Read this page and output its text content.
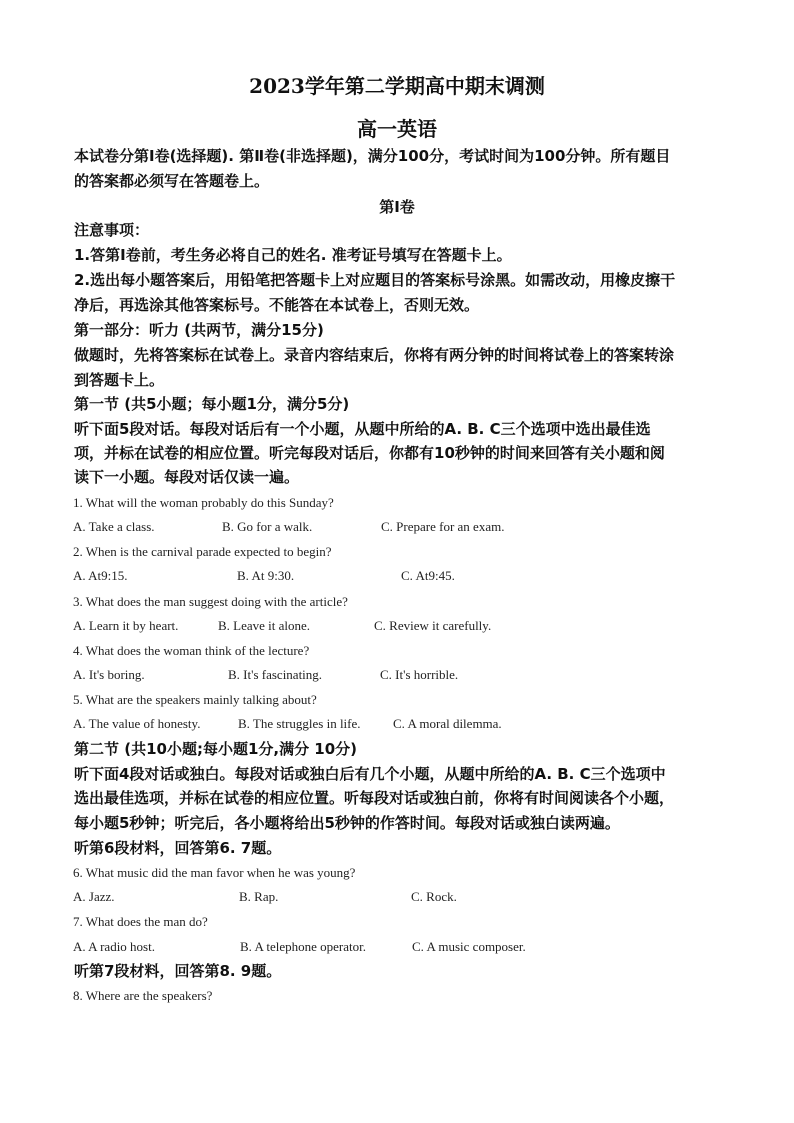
2023学年第二学期高中期末调测
高一英语
本试卷分第Ⅰ卷(选择题). 第Ⅱ卷(非选择题)，满分100分，考试时间为100分钟。所有题目
的答案都必须写在答题卷上。
第Ⅰ卷
注意事项：
1.答第Ⅰ卷前，考生务必将自己的姓名. 准考证号填写在答题卡上。
2.选出每小题答案后，用铅笔把答题卡上对应题目的答案标号涂黑。如需改动，用橡皮擦干
净后，再选涂其他答案标号。不能答在本试卷上，否则无效。
第一部分：听力 (共两节，满分15分)
做题时，先将答案标在试卷上。录音内容结束后，你将有两分钟的时间将试卷上的答案转涂
到答题卡上。
第一节 (共5小题；每小题1分，满分5分)
听下面5段对话。每段对话后有一个小题，从题中所给的A. B. C三个选项中选出最佳选
项，并标在试卷的相应位置。听完每段对话后，你都有10秒钟的时间来回答有关小题和阅
读下一小题。每段对话仅读一遍。
1. What will the woman probably do this Sunday?
A. Take a class.	B. Go for a walk.	C. Prepare for an exam.
2. When is the carnival parade expected to begin?
A. At9:15.	B. At 9:30.	C. At9:45.
3. What does the man suggest doing with the article?
A. Learn it by heart.	B. Leave it alone.	C. Review it carefully.
4. What does the woman think of the lecture?
A. It's boring.	B. It's fascinating.	C. It's horrible.
5. What are the speakers mainly talking about?
A. The value of honesty.	B. The struggles in life. C. A moral dilemma.
第二节 (共10小题;每小题1分,满分 10分)
听下面4段对话或独白。每段对话或独白后有几个小题，从题中所给的A. B. C三个选项中
选出最佳选项，并标在试卷的相应位置。听每段对话或独白前，你将有时间阅读各个小题，
每小题5秒钟；听完后，各小题将给出5秒钟的作答时间。每段对话或独白读两遍。
听第6段材料，回答第6. 7题。
6. What music did the man favor when he was young?
A. Jazz.	B. Rap.	C. Rock.
7. What does the man do?
A. A radio host.	B. A telephone operator.	C. A music composer.
听第7段材料，回答第8. 9题。
8. Where are the speakers?
